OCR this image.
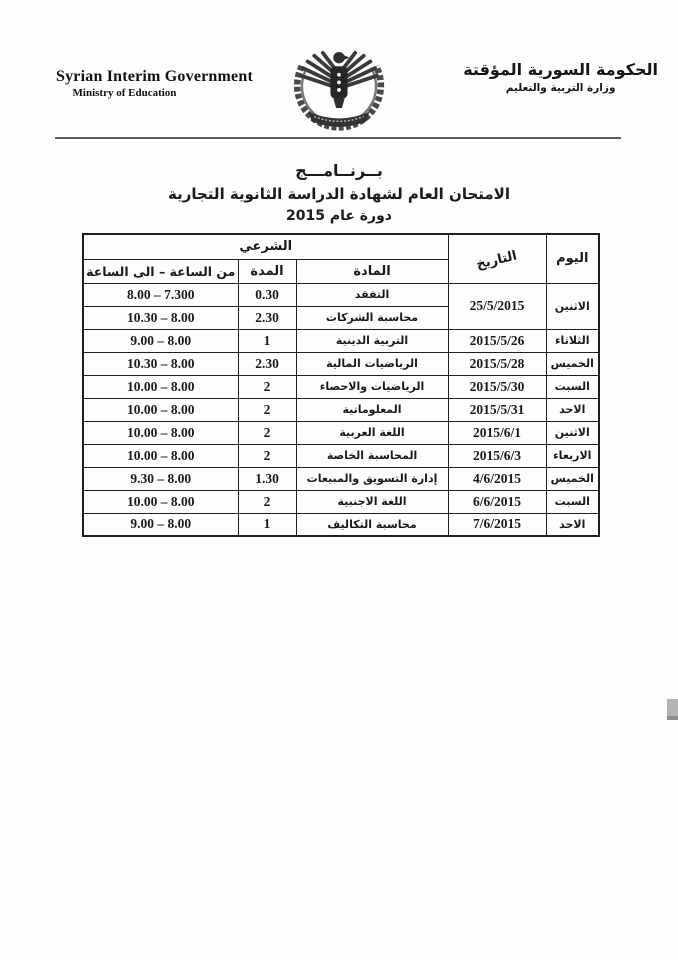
Syrian Interim Government
Ministry of Education
الحكومة السورية المؤقتة
وزارة التربية والتعليم
بــرنــامـــج
الامتحان العام لشهادة الدراسة الثانوية التجارية
دورة عام 2015
اليوم	التاريخ	الشرعي		
		المادة	المدة	من الساعة – الى الساعة
الاثنين	25/5/2015	التفقد	0.30	8.00 – 7.300
		محاسبة الشركات	2.30	10.30 – 8.00
الثلاثاء	2015/5/26	التربية الدينية	1	9.00 – 8.00
الخميس	2015/5/28	الرياضيات المالية	2.30	10.30 – 8.00
السبت	2015/5/30	الرياضيات والاحصاء	2	10.00 – 8.00
الاحد	2015/5/31	المعلوماتية	2	10.00 – 8.00
الاثنين	2015/6/1	اللغة العربية	2	10.00 – 8.00
الاربعاء	2015/6/3	المحاسبة الخاصة	2	10.00 – 8.00
الخميس	4/6/2015	إدارة التسويق والمبيعات	1.30	9.30 – 8.00
السبت	6/6/2015	اللغة الاجنبية	2	10.00 – 8.00
الاحد	7/6/2015	محاسبة التكاليف	1	9.00 – 8.00
